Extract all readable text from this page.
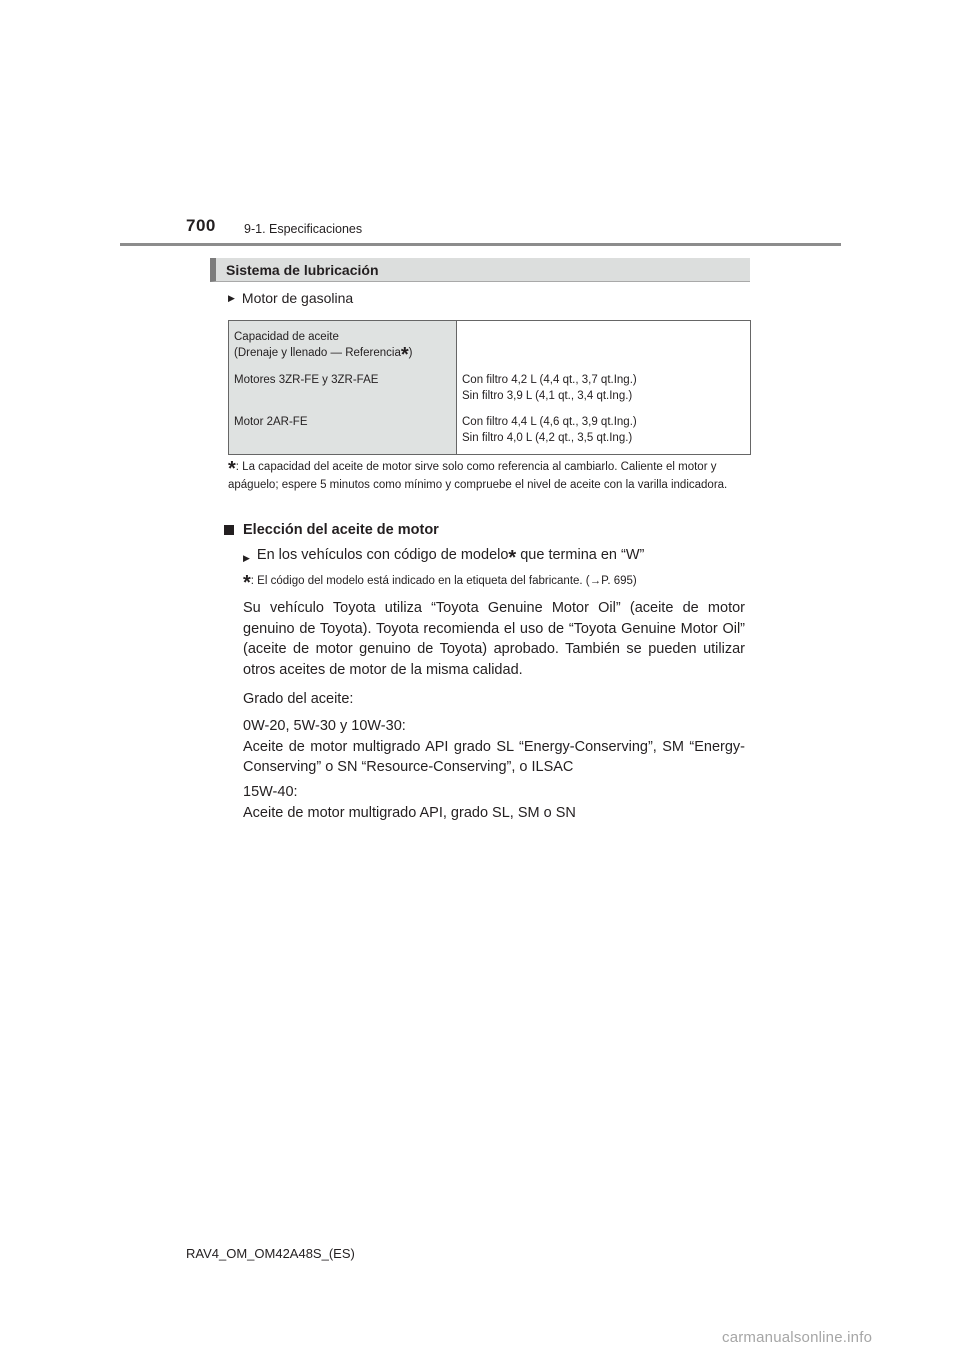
700 9-1. Especificaciones
Sistema de lubricación
▶ Motor de gasolina
Capacidad de aceite
(Drenaje y llenado — Referencia*)	
Motores 3ZR-FE y 3ZR-FAE	Con filtro 4,2 L (4,4 qt., 3,7 qt.Ing.)
Sin filtro 3,9 L (4,1 qt., 3,4 qt.Ing.)
Motor 2AR-FE	Con filtro 4,4 L (4,6 qt., 3,9 qt.Ing.)
Sin filtro 4,0 L (4,2 qt., 3,5 qt.Ing.)
*: La capacidad del aceite de motor sirve solo como referencia al cambiarlo. Caliente el motor y apáguelo; espere 5 minutos como mínimo y compruebe el nivel de aceite con la varilla indicadora.
Elección del aceite de motor
▶ En los vehículos con código de modelo* que termina en “W”
*: El código del modelo está indicado en la etiqueta del fabricante. (→P. 695)
Su vehículo Toyota utiliza “Toyota Genuine Motor Oil” (aceite de motor genuino de Toyota). Toyota recomienda el uso de “Toyota Genuine Motor Oil” (aceite de motor genuino de Toyota) aprobado. También se pueden utilizar otros aceites de motor de la misma calidad.
Grado del aceite:
0W-20, 5W-30 y 10W-30:
Aceite de motor multigrado API grado SL “Energy-Conserving”, SM “Energy-Conserving” o SN “Resource-Conserving”, o ILSAC
15W-40:
Aceite de motor multigrado API, grado SL, SM o SN
RAV4_OM_OM42A48S_(ES)
carmanualsonline.info
